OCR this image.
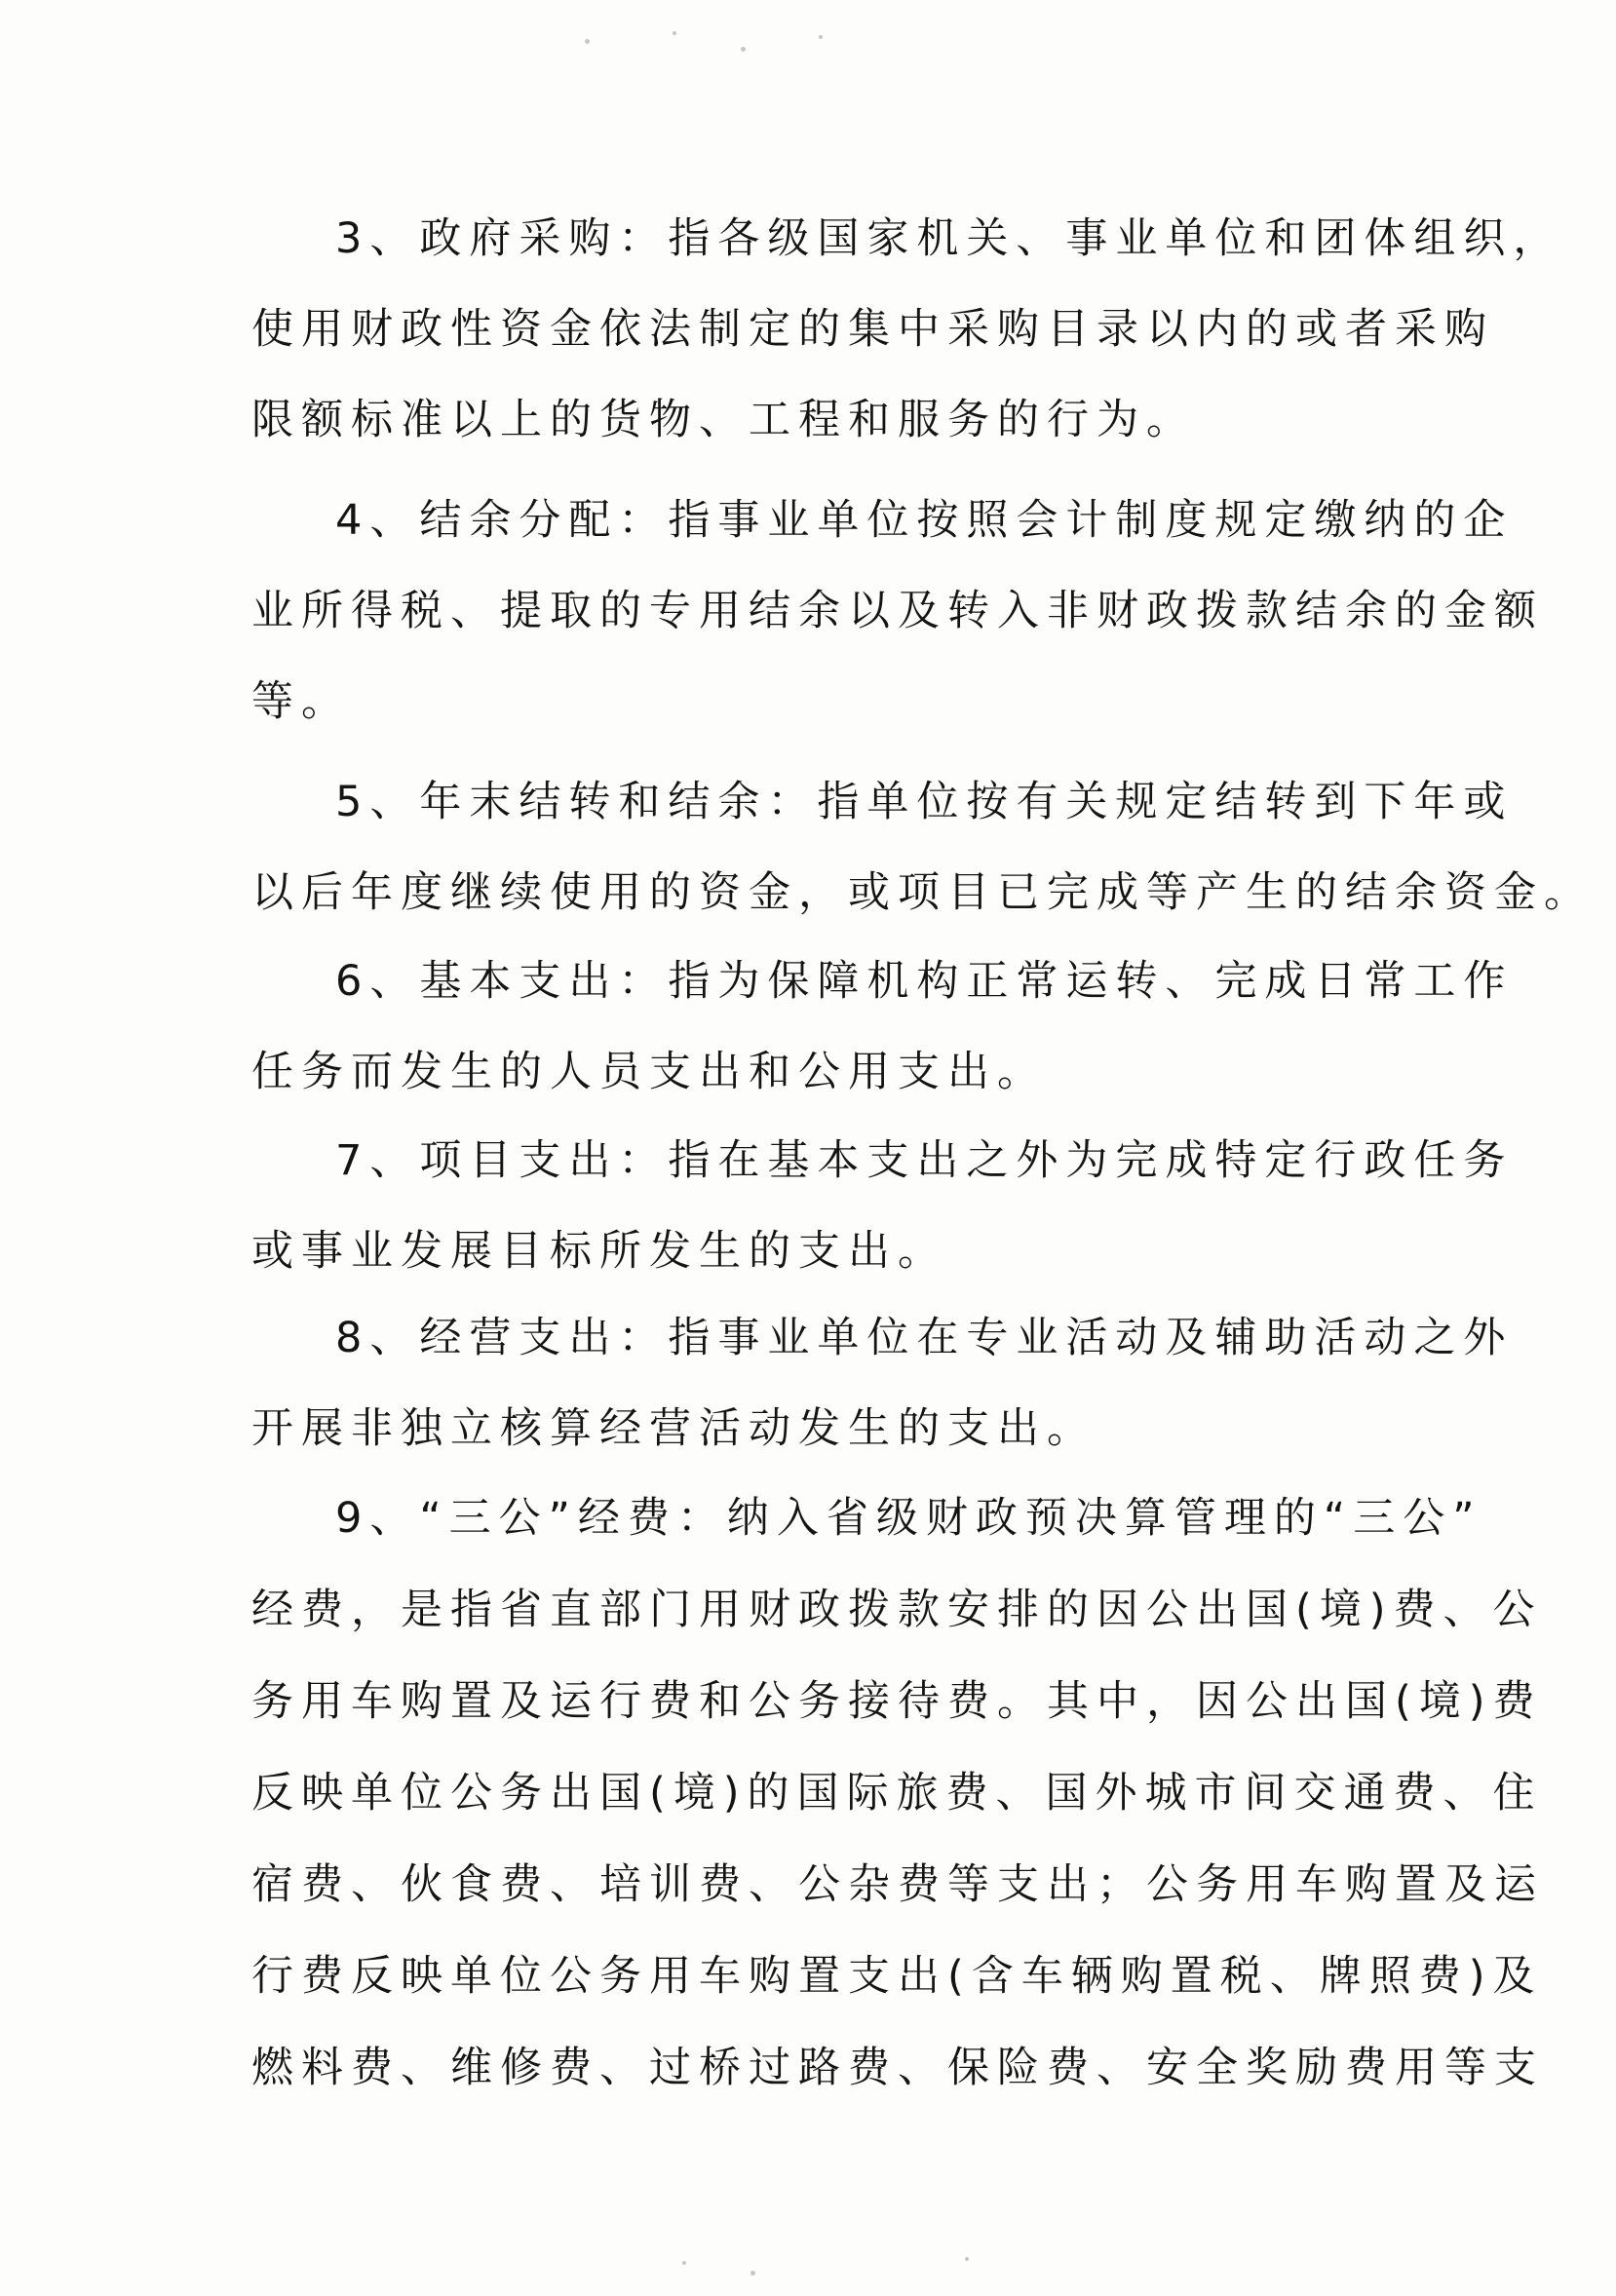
3、政府采购：指各级国家机关、事业单位和团体组织，
使用财政性资金依法制定的集中采购目录以内的或者采购
限额标准以上的货物、工程和服务的行为。
4、结余分配：指事业单位按照会计制度规定缴纳的企
业所得税、提取的专用结余以及转入非财政拨款结余的金额
等。
5、年末结转和结余：指单位按有关规定结转到下年或
以后年度继续使用的资金，或项目已完成等产生的结余资金。
6、基本支出：指为保障机构正常运转、完成日常工作
任务而发生的人员支出和公用支出。
7、项目支出：指在基本支出之外为完成特定行政任务
或事业发展目标所发生的支出。
8、经营支出：指事业单位在专业活动及辅助活动之外
开展非独立核算经营活动发生的支出。
9、“三公”经费：纳入省级财政预决算管理的“三公”
经费，是指省直部门用财政拨款安排的因公出国(境)费、公
务用车购置及运行费和公务接待费。其中，因公出国(境)费
反映单位公务出国(境)的国际旅费、国外城市间交通费、住
宿费、伙食费、培训费、公杂费等支出；公务用车购置及运
行费反映单位公务用车购置支出(含车辆购置税、牌照费)及
燃料费、维修费、过桥过路费、保险费、安全奖励费用等支
